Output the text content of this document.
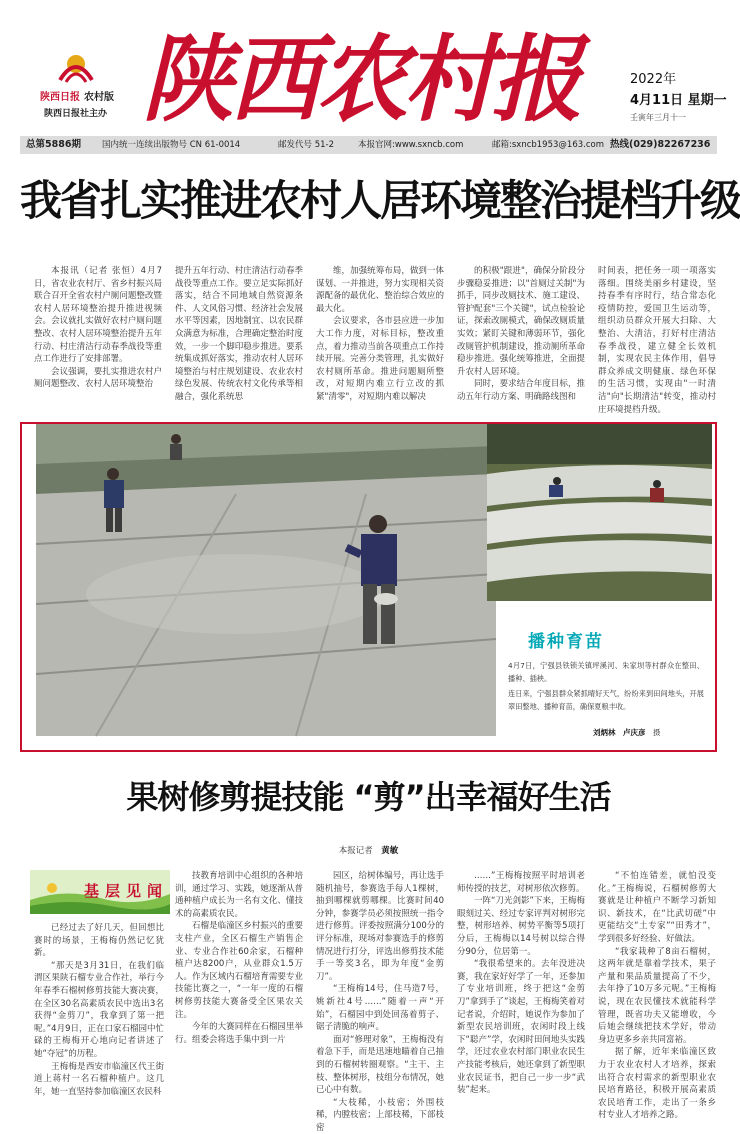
陕西日报 农村版
陕西日报社主办 陕西农村报	2022年
4月11日 星期一
壬寅年三月十一
总第5886期 国内统一连续出版物号 CN 61-0014	邮发代号 51-2	本报官网:www.sxncb.com	邮箱:sxncb1953@163.com 热线(029)82267236
我省扎实推进农村人居环境整治提档升级
本报讯（记者 张恒）4月7日，省农业农村厅、省乡村振兴局联合召开全省农村户厕问题整改暨农村人居环境整治提升推进视频会。会议就扎实做好农村户厕问题整改、农村人居环境整治提升五年行动、村庄清洁行动春季战役等重点工作进行了安排部署。
会议强调，要扎实推进农村户厕问题整改、农村人居环境整治
提升五年行动、村庄清洁行动春季战役等重点工作。要立足实际抓好落实，结合不同地域自然资源条件、人文风俗习惯、经济社会发展水平等因素，因地制宜、以农民群众满意为标准，合理确定整治时度效，一步一个脚印稳步推进。要系统集成抓好落实，推动农村人居环境整治与村庄规划建设、农业农村绿色发展、传统农村文化传承等相融合，强化系统思
维，加强统筹布局，做到一体谋划、一并推进，努力实现相关资源配备的最优化、整治综合效应的最大化。
会议要求，各市县应进一步加大工作力度，对标目标，整改重点，着力推动当前各项重点工作持续开展。完善分类管理，扎实做好农村厕所革命。推进问题厕所整改，对短期内难立行立改的抓紧"清零"，对短期内难以解决
的积极"跟进"，确保分阶段分步骤稳妥推进；以"首厕过关制"为抓手，同步改厕技术、施工建设、管护配套"三个关键"，试点检验论证，探索改厕模式，确保改厕质量实效；紧盯关键和薄弱环节，强化改厕管护机制建设，推动厕所革命稳步推进。强化统筹推进，全面提升农村人居环境。
同时，要求结合年度目标，推动五年行动方案、明确路线图和
时间表，把任务一项一项落实落细。围绕美丽乡村建设，坚持春季有序时行，结合常态化疫情防控，爱国卫生运动等，组织动员群众开展大扫除、大整治、大清洁，打好村庄清洁春季战役，建立健全长效机制，实现农民主体作用，倡导群众养成文明健康、绿色环保的生活习惯，实现由"一时清洁"向"长期清洁"转变，推动村庄环境提档升级。
播种育苗
4月7日，宁强县铁锁关镇坪溪河、朱家坝等村群众在整田、播种、插秧。
连日来，宁强县群众紧抓晴好天气，纷纷来到田间地头，开展翠田整地、播种育苗，确保夏粮丰收。
刘炳林　卢庆彦　 摄
果树修剪提技能 “剪”出幸福好生活
本报记者　 黄敏
基层见闻
已经过去了好几天，但回想比赛时的场景，王梅梅仍然记忆犹新。
“那天是3月31日，在我们临渭区果陕石榴专业合作社，举行今年春季石榴树修剪技能大赛决赛，在全区30名高素质农民中选出3名获得“金剪刀”，我拿到了第一把呢。”4月9日，正在口家石榴园中忙碌的王梅梅开心地向记者讲述了她“夺冠”的历程。
王梅梅是西安市临潼区代王街道上蒋村一名石榴种植户。这几年，她一直坚持参加临潼区农民科
技教育培训中心组织的各种培训，通过学习、实践，她逐渐从普通种植户成长为一名有文化、懂技术的高素质农民。
石榴是临潼区乡村振兴的重要支柱产业，全区石榴生产销售企业、专业合作社60余家，石榴种植户达8200户，从业群众1.5万人。作为区域内石榴培育需要专业技能比赛之一，“一年一度的石榴树修剪技能大赛备受全区果农关注。
今年的大赛同样在石榴园里举行。组委会将选手集中到一片
园区，给树体编号，再让选手随机抽号，参赛选手每人1棵树，抽到哪棵就剪哪棵。比赛时间40分钟，参赛学员必须按照统一指令进行修剪。评委按照满分100分的评分标准，现场对参赛选手的修剪情况进行打分，评选出修剪技术能手一等奖3名，即为年度“金剪刀”。
“王梅梅14号，住马造7号，姚新社4号……”随着一声“开始”，石榴园中到处回荡着剪子、锯子清脆的响声。
面对“修理对象”，王梅梅没有着急下手，而是迅速地瞄着自己抽到的石榴树转圈观察。“主干、主枝、整体树形，枝组分布情况，她已心中有数。
“大枝稀，小枝密；外围枝稀，内膛枝密；上部枝稀，下部枝密
……”王梅梅按照平时培训老师传授的技艺，对树形依次修剪。
一阵“刀光剑影”下来，王梅梅眼刻过关、经过专家评判对树形完整，树形培养、树势平衡等5项打分后，王梅梅以14号树以综合得分90分，位居第一。
“我很希望来的。去年没进决赛，我在家好好学了一年，还参加了专业培训班，终于把这“金剪刀”拿到手了”谈起，王梅梅笑着对记者说，介绍时，她说作为参加了新型农民培训班，农闲时段上线下“聪产”学，农闲时田间地头实践学，还过农业农村部门职业农民生产技能考核后，她还拿到了新型职业农民证书，把自己一步一步“武装”起来。
“不怕连错差，就怕没变化。”王梅梅说，石榴树修剪大赛就是让种植户不断学习新知识、新技术，在“比武切磋”中更能结交“土专家”“田秀才”，学到很多好经验、好做法。
“我家栽种了8亩石榴树，这两年就是靠着学技术，果子产量和果品质量提高了不少，去年挣了10万多元呢。”王梅梅说，现在农民懂技术就能科学管理，既省功夫又能增收，今后她会继续把技术学好，带动身边更多乡亲共同富裕。
据了解，近年来临潼区致力于农业农村人才培养，探索出符合农村需求的新型职业农民培育路径，积极开展高素质农民培育工作，走出了一条乡村专业人才培养之路。
